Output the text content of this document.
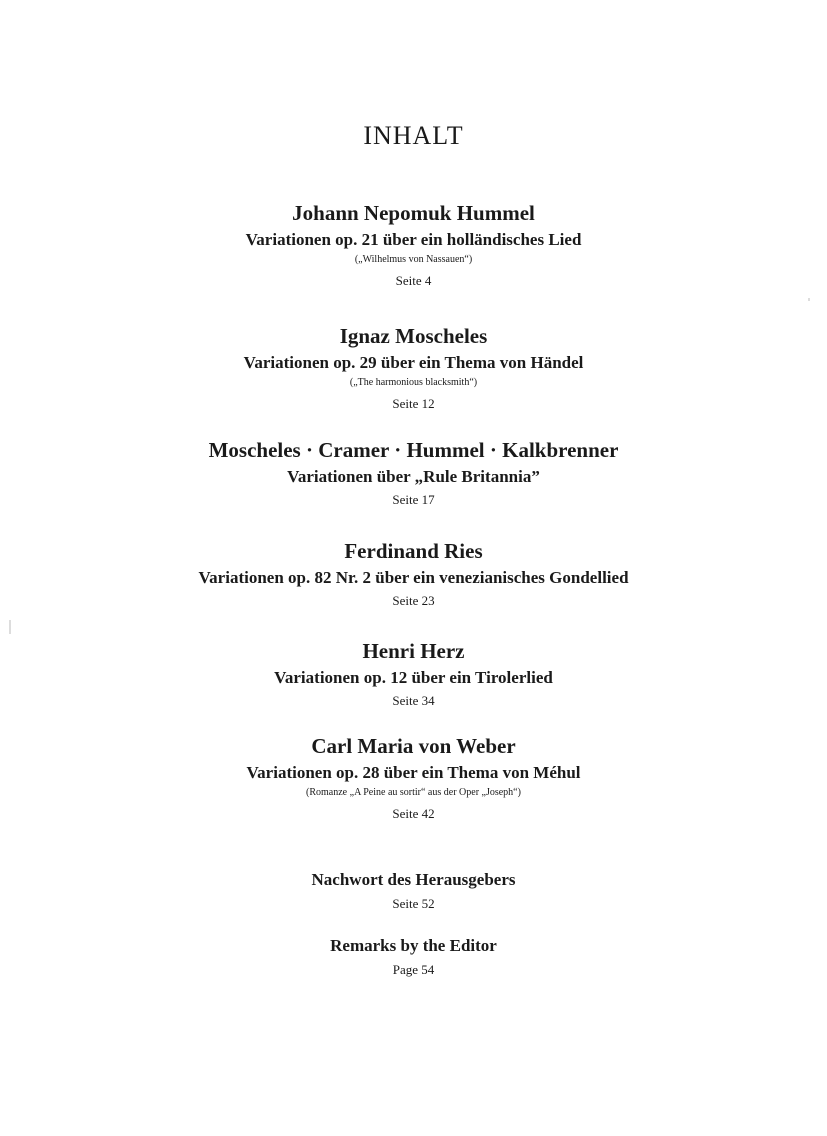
INHALT
Johann Nepomuk Hummel
Variationen op. 21 über ein holländisches Lied
(„Wilhelmus von Nassauen“)
Seite 4
Ignaz Moscheles
Variationen op. 29 über ein Thema von Händel
(„The harmonious blacksmith“)
Seite 12
Moscheles · Cramer · Hummel · Kalkbrenner
Variationen über „Rule Britannia”
Seite 17
Ferdinand Ries
Variationen op. 82 Nr. 2 über ein venezianisches Gondellied
Seite 23
Henri Herz
Variationen op. 12 über ein Tirolerlied
Seite 34
Carl Maria von Weber
Variationen op. 28 über ein Thema von Méhul
(Romanze „A Peine au sortir“ aus der Oper „Joseph“)
Seite 42
Nachwort des Herausgebers
Seite 52
Remarks by the Editor
Page 54
